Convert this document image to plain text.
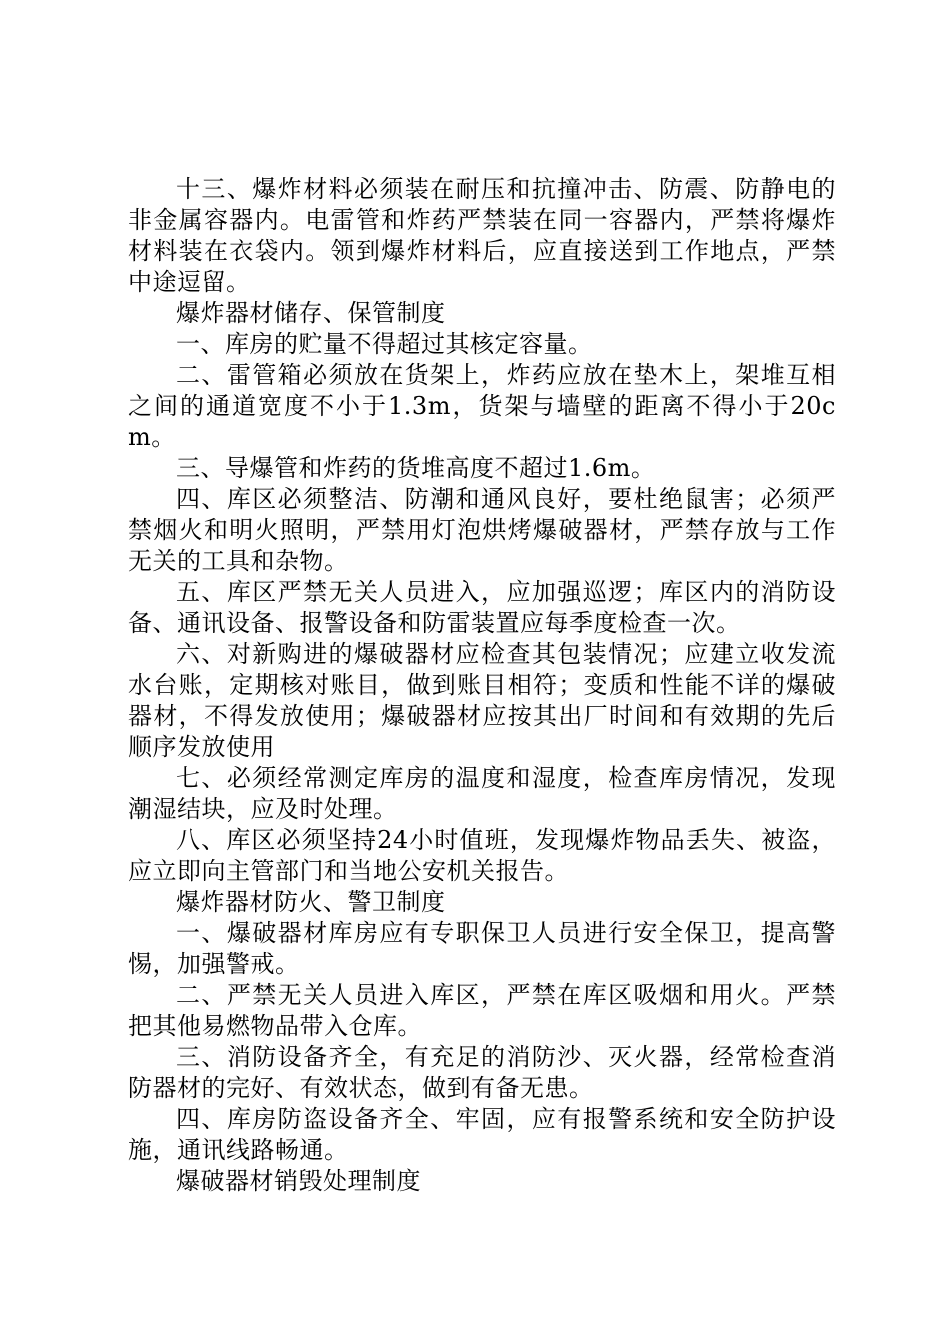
十三、爆炸材料必须装在耐压和抗撞冲击、防震、防静电的非金属容器内。电雷管和炸药严禁装在同一容器内，严禁将爆炸材料装在衣袋内。领到爆炸材料后，应直接送到工作地点，严禁中途逗留。

爆炸器材储存、保管制度

一、库房的贮量不得超过其核定容量。

二、雷管箱必须放在货架上，炸药应放在垫木上，架堆互相之间的通道宽度不小于1.3m，货架与墙壁的距离不得小于20cm。

三、导爆管和炸药的货堆高度不超过1.6m。

四、库区必须整洁、防潮和通风良好，要杜绝鼠害；必须严禁烟火和明火照明，严禁用灯泡烘烤爆破器材，严禁存放与工作无关的工具和杂物。

五、库区严禁无关人员进入，应加强巡逻；库区内的消防设备、通讯设备、报警设备和防雷装置应每季度检查一次。

六、对新购进的爆破器材应检查其包装情况；应建立收发流水台账，定期核对账目，做到账目相符；变质和性能不详的爆破器材，不得发放使用；爆破器材应按其出厂时间和有效期的先后顺序发放使用

七、必须经常测定库房的温度和湿度，检查库房情况，发现潮湿结块，应及时处理。

八、库区必须坚持24小时值班，发现爆炸物品丢失、被盗，应立即向主管部门和当地公安机关报告。

爆炸器材防火、警卫制度

一、爆破器材库房应有专职保卫人员进行安全保卫，提高警惕，加强警戒。

二、严禁无关人员进入库区，严禁在库区吸烟和用火。严禁把其他易燃物品带入仓库。

三、消防设备齐全，有充足的消防沙、灭火器，经常检查消防器材的完好、有效状态，做到有备无患。

四、库房防盗设备齐全、牢固，应有报警系统和安全防护设施，通讯线路畅通。

爆破器材销毁处理制度
